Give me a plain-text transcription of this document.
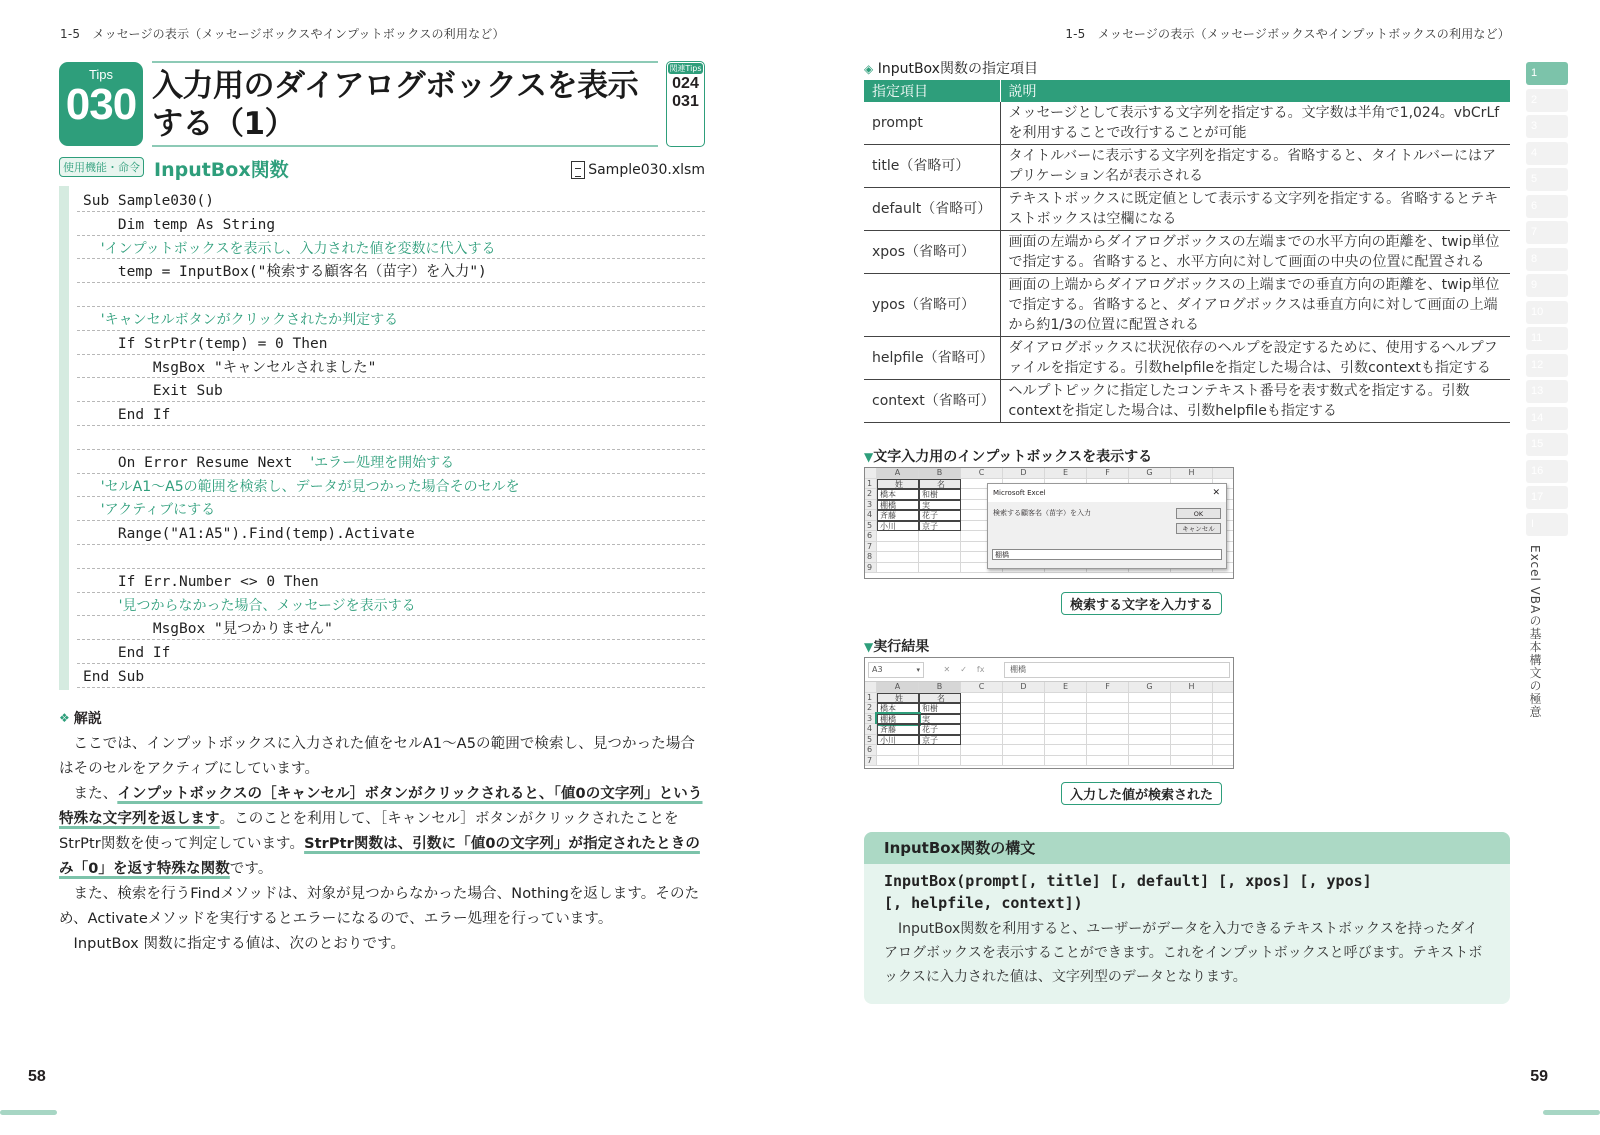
1-5　メッセージの表示（メッセージボックスやインプットボックスの利用など）
Tips
030 入力用のダイアログボックスを表示する（1）
関連Tips
024
031
使用機能・命令 InputBox関数	Sample030.xlsm
Sub Sample030()
Dim temp As String
'インプットボックスを表示し、入力された値を変数に代入する
temp = InputBox("検索する顧客名（苗字）を入力")
'キャンセルボタンがクリックされたか判定する
If StrPtr(temp) = 0 Then
MsgBox "キャンセルされました"
Exit Sub
End If
On Error Resume Next    'エラー処理を開始する
'セルA1～A5の範囲を検索し、データが見つかった場合そのセルを
'アクティブにする
Range("A1:A5").Find(temp).Activate
If Err.Number <> 0 Then
'見つからなかった場合、メッセージを表示する
MsgBox "見つかりません"
End If
End Sub
❖ 解説

ここでは、インプットボックスに入力された値をセルA1～A5の範囲で検索し、見つかった場合はそのセルをアクティブにしています。

また、インプットボックスの［キャンセル］ボタンがクリックされると、「値0の文字列」という特殊な文字列を返します。このことを利用して、［キャンセル］ボタンがクリックされたことをStrPtr関数を使って判定しています。StrPtr関数は、引数に「値0の文字列」が指定されたときのみ「0」を返す特殊な関数です。

また、検索を行うFindメソッドは、対象が見つからなかった場合、Nothingを返します。そのため、Activateメソッドを実行するとエラーになるので、エラー処理を行っています。

InputBox 関数に指定する値は、次のとおりです。

58
1-5　メッセージの表示（メッセージボックスやインプットボックスの利用など）
◈ InputBox関数の指定項目
指定項目	説明
prompt	メッセージとして表示する文字列を指定する。文字数は半角で1,024。vbCrLfを利用することで改行することが可能
title（省略可）	タイトルバーに表示する文字列を指定する。省略すると、タイトルバーにはアプリケーション名が表示される
default（省略可）	テキストボックスに既定値として表示する文字列を指定する。省略するとテキストボックスは空欄になる
xpos（省略可）	画面の左端からダイアログボックスの左端までの水平方向の距離を、twip単位で指定する。省略すると、水平方向に対して画面の中央の位置に配置される
ypos（省略可）	画面の上端からダイアログボックスの上端までの垂直方向の距離を、twip単位で指定する。省略すると、ダイアログボックスは垂直方向に対して画面の上端から約1/3の位置に配置される
helpfile（省略可）	ダイアログボックスに状況依存のヘルプを設定するために、使用するヘルプファイルを指定する。引数helpfileを指定した場合は、引数contextも指定する
context（省略可）	ヘルプトピックに指定したコンテキスト番号を表す数式を指定する。引数contextを指定した場合は、引数helpfileも指定する
▼文字入力用のインプットボックスを表示する
A	B	C	D	E	F	G	H
1	姓	名
2 橋本	和樹
3 棚橋	実
4 斉藤	花子
5 小川	京子
6
7
8
9
Microsoft Excel	✕
検索する顧客名（苗字）を入力	OK
キャンセル
棚橋
検索する文字を入力する
▼実行結果
A3 ▾	✕ ✓ fx	棚橋
A	B	C	D	E	F	G	H
1	姓	名
2 橋本	和樹
3 棚橋	実
4 斉藤	花子
5 小川	京子
6
7
入力した値が検索された
InputBox関数の構文
InputBox(prompt[, title] [, default] [, xpos] [, ypos]
[, helpfile, context])
InputBox関数を利用すると、ユーザーがデータを入力できるテキストボックスを持ったダイアログボックスを表示することができます。これをインプットボックスと呼びます。テキストボックスに入力された値は、文字列型のデータとなります。
1
2
3
4
5
6
7
8
9
10
11
12
13
14
15
16
17
I
Excel VBAの基本構文の極意
59
